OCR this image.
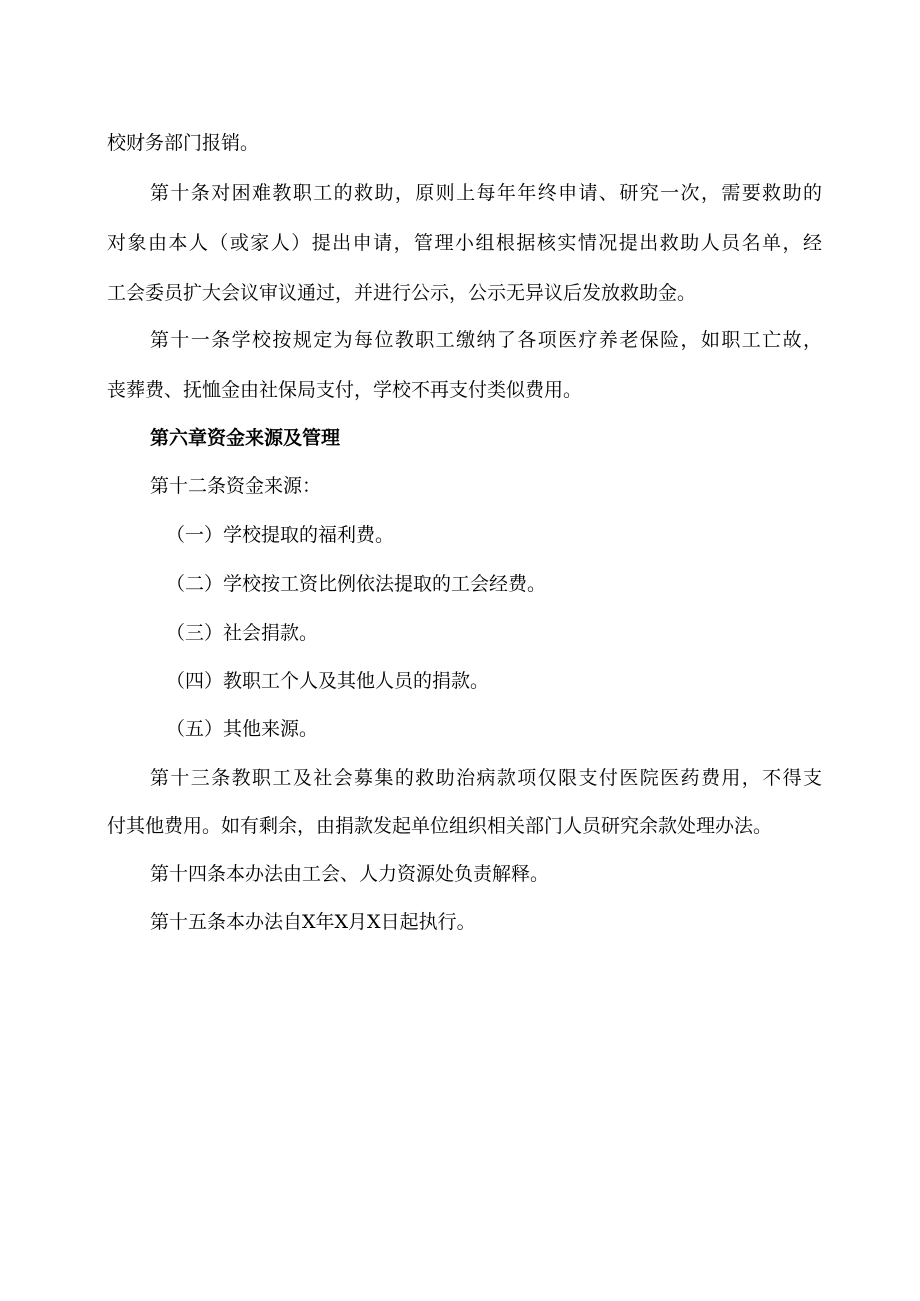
校财务部门报销。
第十条对困难教职工的救助，原则上每年年终申请、研究一次，需要救助的
对象由本人（或家人）提出申请，管理小组根据核实情况提出救助人员名单，经
工会委员扩大会议审议通过，并进行公示，公示无异议后发放救助金。
第十一条学校按规定为每位教职工缴纳了各项医疗养老保险，如职工亡故，
丧葬费、抚恤金由社保局支付，学校不再支付类似费用。
第六章资金来源及管理
第十二条资金来源：
（一）学校提取的福利费。
（二）学校按工资比例依法提取的工会经费。
（三）社会捐款。
（四）教职工个人及其他人员的捐款。
（五）其他来源。
第十三条教职工及社会募集的救助治病款项仅限支付医院医药费用，不得支
付其他费用。如有剩余，由捐款发起单位组织相关部门人员研究余款处理办法。
第十四条本办法由工会、人力资源处负责解释。
第十五条本办法自X年X月X日起执行。
